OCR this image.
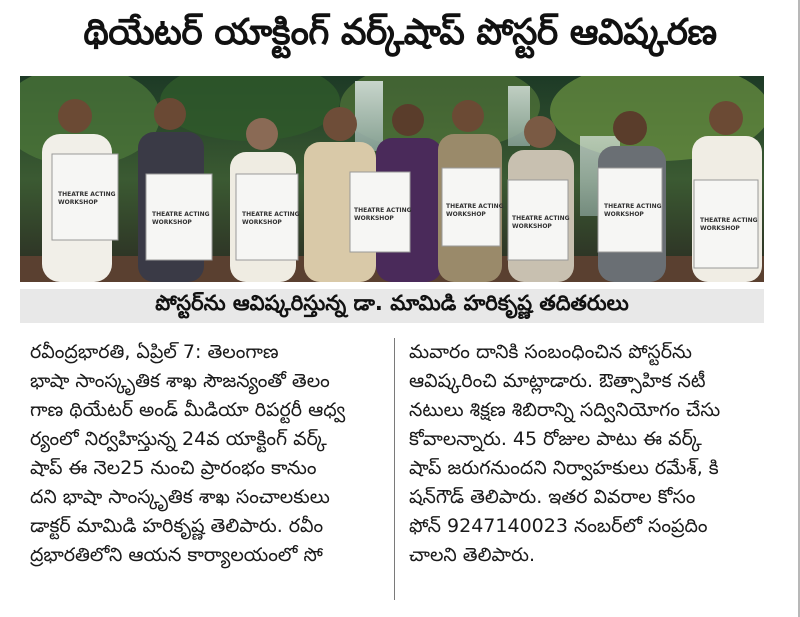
థియేటర్ యాక్టింగ్ వర్క్‌షాప్ పోస్టర్ ఆవిష్కరణ
THEATRE ACTING
WORKSHOP
THEATRE ACTING
WORKSHOP
THEATRE ACTING
WORKSHOP
THEATRE ACTING
WORKSHOP
THEATRE ACTING
WORKSHOP
THEATRE ACTING
WORKSHOP
THEATRE ACTING
WORKSHOP
THEATRE ACTING
WORKSHOP
పోస్టర్‌ను ఆవిష్కరిస్తున్న డా. మామిడి హరికృష్ణ తదితరులు
రవీంద్రభారతి, ఏప్రిల్ 7: తెలంగాణ
భాషా సాంస్కృతిక శాఖ సౌజన్యంతో తెలం
గాణ థియేటర్ అండ్ మీడియా రిపర్టరీ ఆధ్వ
ర్యంలో నిర్వహిస్తున్న 24వ యాక్టింగ్ వర్క్
షాప్ ఈ నెల25 నుంచి ప్రారంభం కానుం
దని భాషా సాంస్కృతిక శాఖ సంచాలకులు
డాక్టర్ మామిడి హరికృష్ణ తెలిపారు. రవీం
ద్రభారతిలోని ఆయన కార్యాలయంలో సో
మవారం దానికి సంబంధించిన పోస్టర్‌ను
ఆవిష్కరించి మాట్లాడారు. ఔత్సాహిక నటీ
నటులు శిక్షణ శిబిరాన్ని సద్వినియోగం చేసు
కోవాలన్నారు. 45 రోజుల పాటు ఈ వర్క్
షాప్ జరుగనుందని నిర్వాహకులు రమేశ్, కి
షన్‌గౌడ్ తెలిపారు. ఇతర వివరాల కోసం
ఫోన్ 9247140023 నంబర్‌లో సంప్రదిం
చాలని తెలిపారు.
